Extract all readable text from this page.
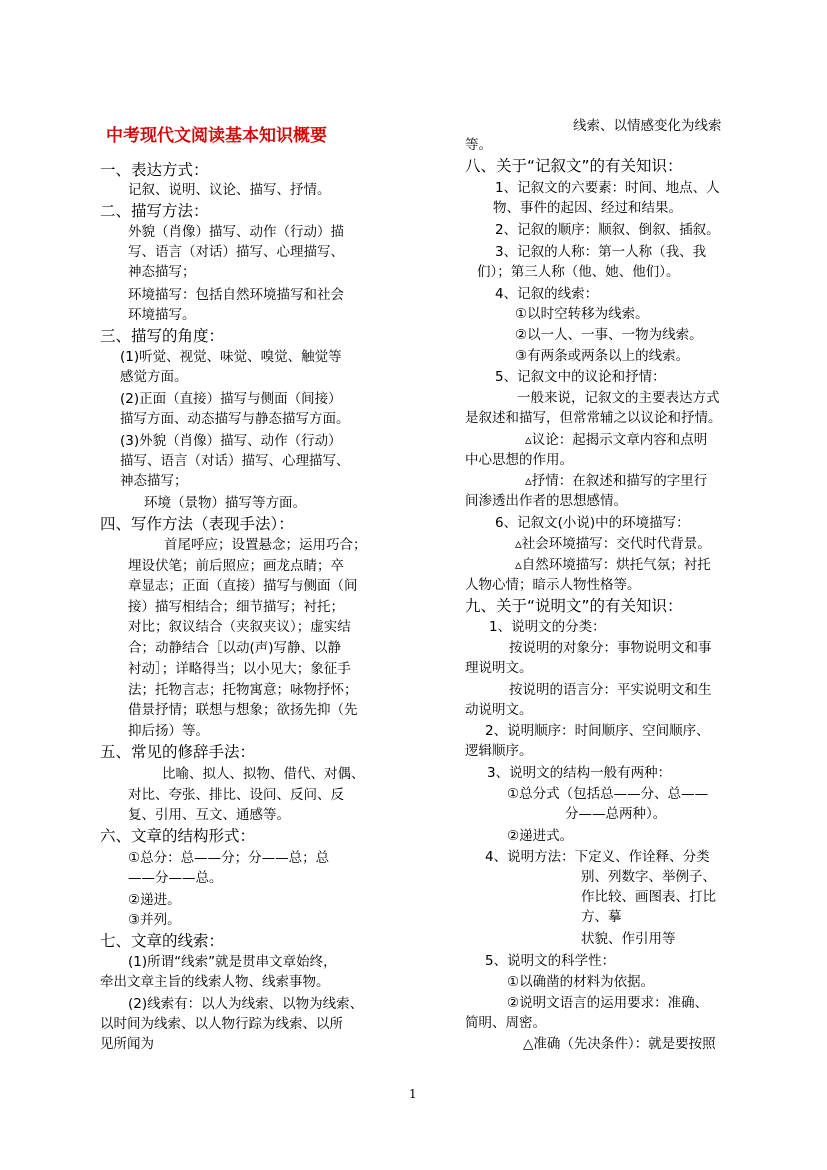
中考现代文阅读基本知识概要
一、表达方式：
记叙、说明、议论、描写、抒情。
二、描写方法：
外貌（肖像）描写、动作（行动）描
写、语言（对话）描写、心理描写、
神态描写；
环境描写：包括自然环境描写和社会
环境描写。
三、描写的角度：
(1)听觉、视觉、味觉、嗅觉、触觉等
感觉方面。
(2)正面（直接）描写与侧面（间接）
描写方面、动态描写与静态描写方面。
(3)外貌（肖像）描写、动作（行动）
描写、语言（对话）描写、心理描写、
神态描写；
环境（景物）描写等方面。
四、写作方法（表现手法）：
首尾呼应；设置悬念；运用巧合；
埋设伏笔；前后照应；画龙点睛；卒
章显志；正面（直接）描写与侧面（间
接）描写相结合；细节描写；衬托；
对比；叙议结合（夹叙夹议）；虚实结
合；动静结合［以动(声)写静、以静
衬动］；详略得当；以小见大；象征手
法；托物言志；托物寓意；咏物抒怀；
借景抒情；联想与想象；欲扬先抑（先
抑后扬）等。
五、常见的修辞手法：
比喻、拟人、拟物、借代、对偶、
对比、夸张、排比、设问、反问、反
复、引用、互文、通感等。
六、文章的结构形式：
①总分：总——分；分——总；总
——分——总。
②递进。
③并列。
七、文章的线索：
(1)所谓“线索”就是贯串文章始终，
牵出文章主旨的线索人物、线索事物。
(2)线索有：以人为线索、以物为线索、
以时间为线索、以人物行踪为线索、以所
见所闻为
线索、以情感变化为线索
等。
八、关于“记叙文”的有关知识：
1、记叙文的六要素：时间、地点、人
物、事件的起因、经过和结果。
2、记叙的顺序：顺叙、倒叙、插叙。
3、记叙的人称：第一人称（我、我
们）；第三人称（他、她、他们）。
4、记叙的线索：
①以时空转移为线索。
②以一人、一事、一物为线索。
③有两条或两条以上的线索。
5、记叙文中的议论和抒情：
一般来说，记叙文的主要表达方式
是叙述和描写，但常常辅之以议论和抒情。
▵议论：起揭示文章内容和点明
中心思想的作用。
▵抒情：在叙述和描写的字里行
间渗透出作者的思想感情。
6、记叙文(小说)中的环境描写：
▵社会环境描写：交代时代背景。
▵自然环境描写：烘托气氛；衬托
人物心情；暗示人物性格等。
九、关于“说明文”的有关知识：
1、说明文的分类：
按说明的对象分：事物说明文和事
理说明文。
按说明的语言分：平实说明文和生
动说明文。
2、说明顺序：时间顺序、空间顺序、
逻辑顺序。
3、说明文的结构一般有两种：
①总分式（包括总——分、总——
分——总两种）。
②递进式。
4、说明方法：下定义、作诠释、分类
别、列数字、举例子、
作比较、画图表、打比
方、摹
状貌、作引用等
5、说明文的科学性：
①以确凿的材料为依据。
②说明文语言的运用要求：准确、
简明、周密。
△准确（先决条件）：就是要按照
1
